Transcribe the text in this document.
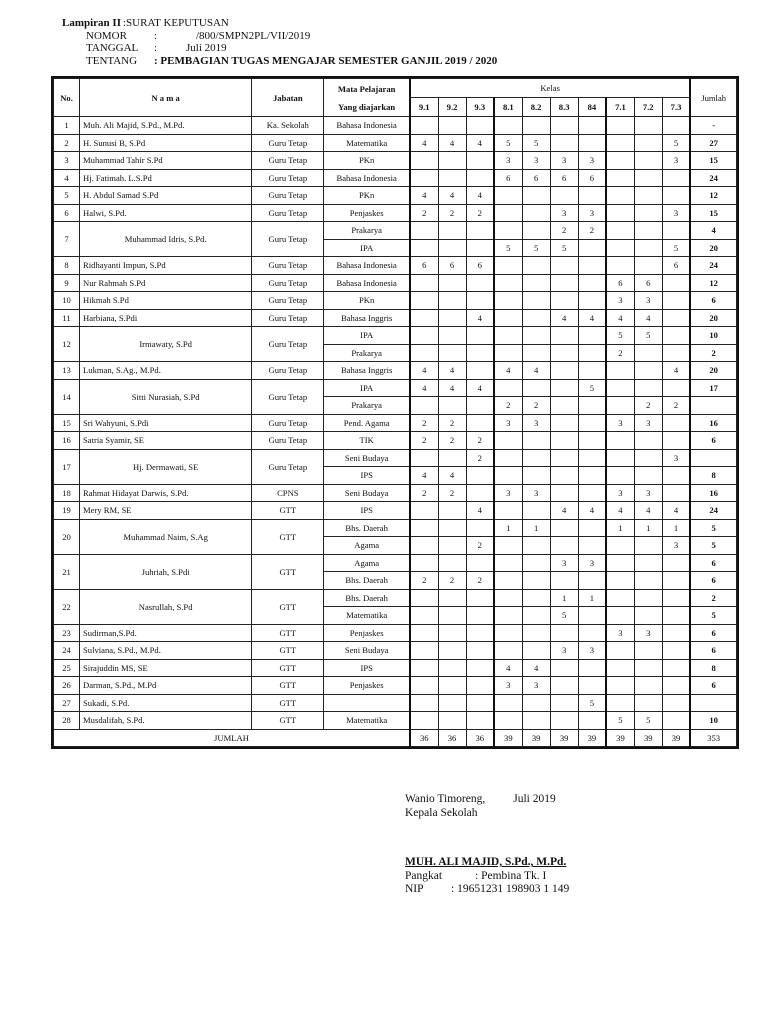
Lampiran II :SURAT KEPUTUSAN
NOMOR	:	/800/SMPN2PL/VII/2019
TANGGAL	:	Juli 2019
TENTANG	: PEMBAGIAN TUGAS MENGAJAR SEMESTER GANJIL 2019 / 2020
No.	N a m a	Jabatan	Mata Pelajaran
Yang diajarkan	Kelas										Jumlah
				9.1	9.2	9.3	8.1	8.2	8.3	84	7.1	7.2	7.3	
1	Muh. Ali Majid, S.Pd., M.Pd.	Ka. Sekolah	Bahasa Indonesia											-
2	H. Sunusi B, S.Pd	Guru Tetap	Matematika	4	4	4	5	5					5	27
3	Muhammad Tahir S.Pd	Guru Tetap	PKn				3	3	3	3			3	15
4	Hj. Fatimah. L.S.Pd	Guru Tetap	Bahasa Indonesia				6	6	6	6				24
5	H. Abdul Samad S.Pd	Guru Tetap	PKn	4	4	4								12
6	Halwi, S.Pd.	Guru Tetap	Penjaskes	2	2	2			3	3			3	15
7	Muhammad Idris, S.Pd.	Guru Tetap	Prakarya						2	2				4
			IPA				5	5	5				5	20
8	Ridhayanti Impun, S.Pd	Guru Tetap	Bahasa Indonesia	6	6	6							6	24
9	Nur Rahmah S.Pd	Guru Tetap	Bahasa Indonesia								6	6		12
10	Hikmah S.Pd	Guru Tetap	PKn								3	3		6
11	Harbiana, S.Pdi	Guru Tetap	Bahasa Inggris			4			4	4	4	4		20
12	Irmawaty, S.Pd	Guru Tetap	IPA								5	5		10
			Prakarya								2			2
13	Lukman, S.Ag., M.Pd.	Guru Tetap	Bahasa Inggris	4	4		4	4					4	20
14	Sitti Nurasiah, S.Pd	Guru Tetap	IPA	4	4	4				5				17
			Prakarya				2	2				2	2	
15	Sri Wahyuni, S.Pdi	Guru Tetap	Pend. Agama	2	2		3	3			3	3		16
16	Satria Syamir, SE	Guru Tetap	TIK	2	2	2								6
17	Hj. Dermawati, SE	Guru Tetap	Seni Budaya			2							3	
			IPS	4	4									8
18	Rahmat Hidayat Darwis, S.Pd.	CPNS	Seni Budaya	2	2		3	3			3	3		16
19	Mery RM, SE	GTT	IPS			4			4	4	4	4	4	24
20	Muhammad Naim, S.Ag	GTT	Bhs. Daerah				1	1			1	1	1	5
			Agama			2							3	5
21	Juhriah, S.Pdi	GTT	Agama						3	3				6
			Bhs. Daerah	2	2	2								6
22	Nasrullah, S.Pd	GTT	Bhs. Daerah						1	1				2
			Matematika						5					5
23	Sudirman,S.Pd.	GTT	Penjaskes								3	3		6
24	Sulviana, S.Pd., M.Pd.	GTT	Seni Budaya						3	3				6
25	Sirajuddin MS, SE	GTT	IPS				4	4						8
26	Darman, S.Pd., M.Pd	GTT	Penjaskes				3	3						6
27	Sukadi, S.Pd.	GTT								5				
28	Musdalifah, S.Pd.	GTT	Matematika								5	5		10
JUMLAH				36	36	36	39	39	39	39	39	39	39	353
Wanio Timoreng, Juli 2019
Kepala Sekolah
MUH. ALI MAJID, S.Pd., M.Pd.
Pangkat	: Pembina Tk. I
NIP	: 19651231 198903 1 149
